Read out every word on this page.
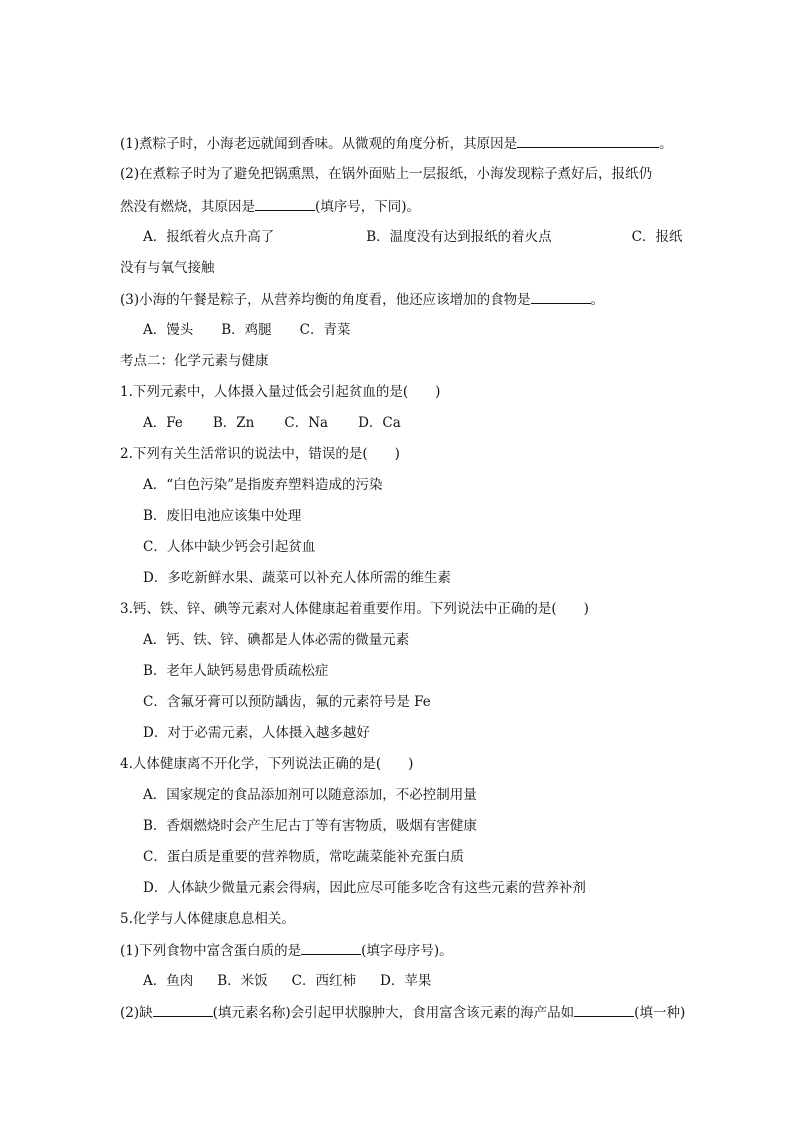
(1)煮粽子时，小海老远就闻到香味。从微观的角度分析，其原因是	。
(2)在煮粽子时为了避免把锅熏黑，在锅外面贴上一层报纸，小海发现粽子煮好后，报纸仍
然没有燃烧，其原因是	(填序号，下同)。
A．报纸着火点升高了	B．温度没有达到报纸的着火点	C．报纸
没有与氧气接触
(3)小海的午餐是粽子，从营养均衡的角度看，他还应该增加的食物是	。
A．馒头 B．鸡腿 C．青菜
考点二：化学元素与健康
1.下列元素中，人体摄入量过低会引起贫血的是(　　)
A．Fe B．Zn C．Na D．Ca
2.下列有关生活常识的说法中，错误的是(　　)
A．“白色污染”是指废弃塑料造成的污染
B．废旧电池应该集中处理
C．人体中缺少钙会引起贫血
D．多吃新鲜水果、蔬菜可以补充人体所需的维生素
3.钙、铁、锌、碘等元素对人体健康起着重要作用。下列说法中正确的是(　　)
A．钙、铁、锌、碘都是人体必需的微量元素
B．老年人缺钙易患骨质疏松症
C．含氟牙膏可以预防龋齿，氟的元素符号是 Fe
D．对于必需元素，人体摄入越多越好
4.人体健康离不开化学，下列说法正确的是(　　)
A．国家规定的食品添加剂可以随意添加，不必控制用量
B．香烟燃烧时会产生尼古丁等有害物质，吸烟有害健康
C．蛋白质是重要的营养物质，常吃蔬菜能补充蛋白质
D．人体缺少微量元素会得病，因此应尽可能多吃含有这些元素的营养补剂
5.化学与人体健康息息相关。
(1)下列食物中富含蛋白质的是	(填字母序号)。
A．鱼肉 B．米饭 C．西红柿 D．苹果
(2)缺	(填元素名称)会引起甲状腺肿大，食用富含该元素的海产品如	(填一种)
